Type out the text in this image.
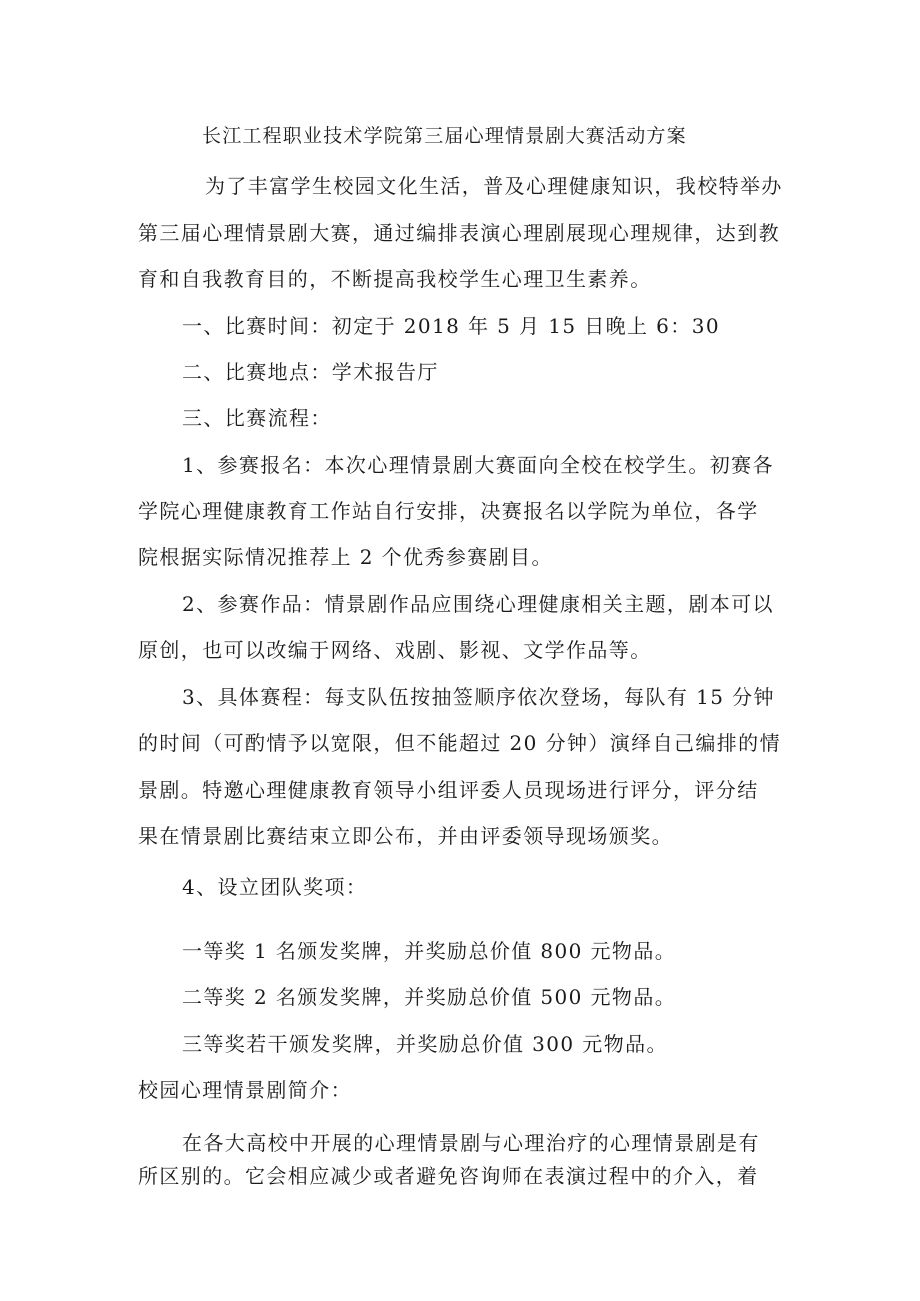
长江工程职业技术学院第三届心理情景剧大赛活动方案
为了丰富学生校园文化生活，普及心理健康知识，我校特举办
第三届心理情景剧大赛，通过编排表演心理剧展现心理规律，达到教
育和自我教育目的，不断提高我校学生心理卫生素养。
一、比赛时间：初定于 2018 年 5 月 15 日晚上 6：30
二、比赛地点：学术报告厅
三、比赛流程：
1、参赛报名：本次心理情景剧大赛面向全校在校学生。初赛各
学院心理健康教育工作站自行安排，决赛报名以学院为单位，各学
院根据实际情况推荐上 2 个优秀参赛剧目。
2、参赛作品：情景剧作品应围绕心理健康相关主题，剧本可以
原创，也可以改编于网络、戏剧、影视、文学作品等。
3、具体赛程：每支队伍按抽签顺序依次登场，每队有 15 分钟
的时间（可酌情予以宽限，但不能超过 20 分钟）演绎自己编排的情
景剧。特邀心理健康教育领导小组评委人员现场进行评分，评分结
果在情景剧比赛结束立即公布，并由评委领导现场颁奖。
4、设立团队奖项：
一等奖 1 名颁发奖牌，并奖励总价值 800 元物品。
二等奖 2 名颁发奖牌，并奖励总价值 500 元物品。
三等奖若干颁发奖牌，并奖励总价值 300 元物品。
校园心理情景剧简介：
在各大高校中开展的心理情景剧与心理治疗的心理情景剧是有
所区别的。它会相应减少或者避免咨询师在表演过程中的介入，着
